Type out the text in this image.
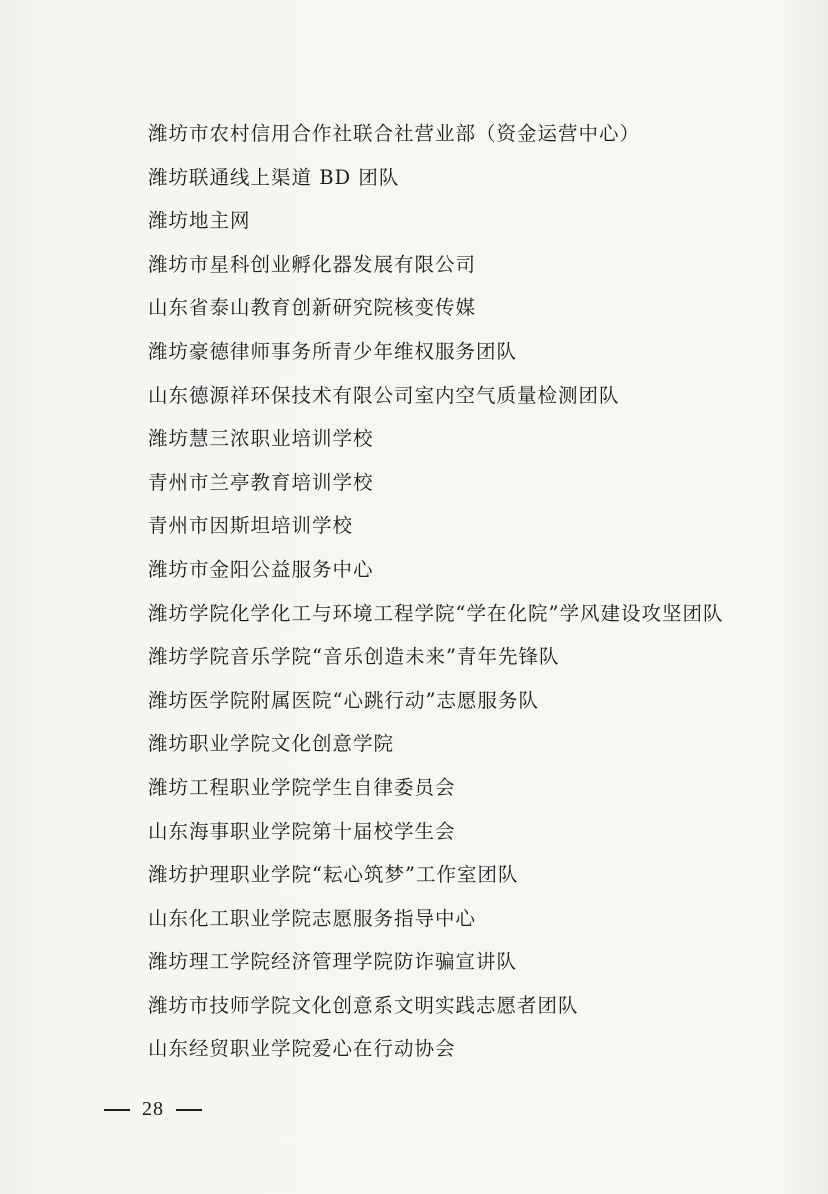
潍坊市农村信用合作社联合社营业部（资金运营中心）
潍坊联通线上渠道 BD 团队
潍坊地主网
潍坊市星科创业孵化器发展有限公司
山东省泰山教育创新研究院核变传媒
潍坊豪德律师事务所青少年维权服务团队
山东德源祥环保技术有限公司室内空气质量检测团队
潍坊慧三浓职业培训学校
青州市兰亭教育培训学校
青州市因斯坦培训学校
潍坊市金阳公益服务中心
潍坊学院化学化工与环境工程学院“学在化院”学风建设攻坚团队
潍坊学院音乐学院“音乐创造未来”青年先锋队
潍坊医学院附属医院“心跳行动”志愿服务队
潍坊职业学院文化创意学院
潍坊工程职业学院学生自律委员会
山东海事职业学院第十届校学生会
潍坊护理职业学院“耘心筑梦”工作室团队
山东化工职业学院志愿服务指导中心
潍坊理工学院经济管理学院防诈骗宣讲队
潍坊市技师学院文化创意系文明实践志愿者团队
山东经贸职业学院爱心在行动协会
28
